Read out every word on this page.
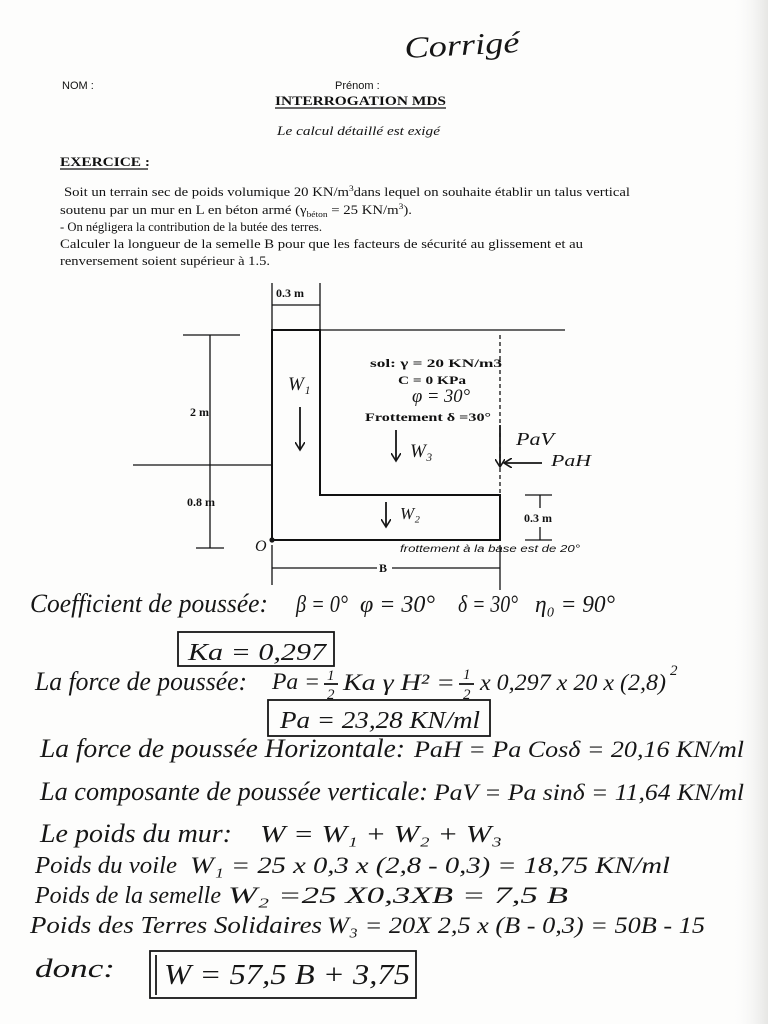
Corrigé
NOM :	Prénom :
INTERROGATION MDS
Le calcul détaillé est exigé
EXERCICE :
Soit un terrain sec de poids volumique 20 KN/m	$^3$dans lequel on souhaite établir un talus vertical
soutenu par un mur en L en béton armé (γ	$_{béton}$ = 25 KN/m $^3$).
- On négligera la contribution de la butée des terres.
Calculer la longueur de la semelle B pour que les facteurs de sécurité au glissement et au
renversement soient supérieur à 1.5.
0.3 m
2 m
0.8 m
0.3 m
O	frottement à la base est de 20°
B
sol: γ = 20 KN/m3
C = 0 KPa
φ = 30°
Frottement δ =30°
W₁
W₃
W₂
PaV
PaH
Coefficient de poussée: β = 0° φ = 30° δ = 30° η₀ = 90°
Ka = 0,297
La force de poussée: Pa = 1
2 Ka γ H² = 1
2 x 0,297 x 20 x (2,8) 2
Pa = 23,28 KN/ml
La force de poussée Horizontale: PaH = Pa Cosδ = 20,16 KN/ml
La composante de poussée verticale: PaV = Pa sinδ = 11,64 KN/ml
Le poids du mur: W = W₁ + W₂ + W₃
Poids du voile W₁ = 25 x 0,3 x (2,8 - 0,3) = 18,75 KN/ml
Poids de la semelle W₂ =25 X0,3XB = 7,5 B
Poids des Terres Solidaires W₃ = 20X 2,5 x (B - 0,3) = 50B - 15
donc: W = 57,5 B + 3,75
